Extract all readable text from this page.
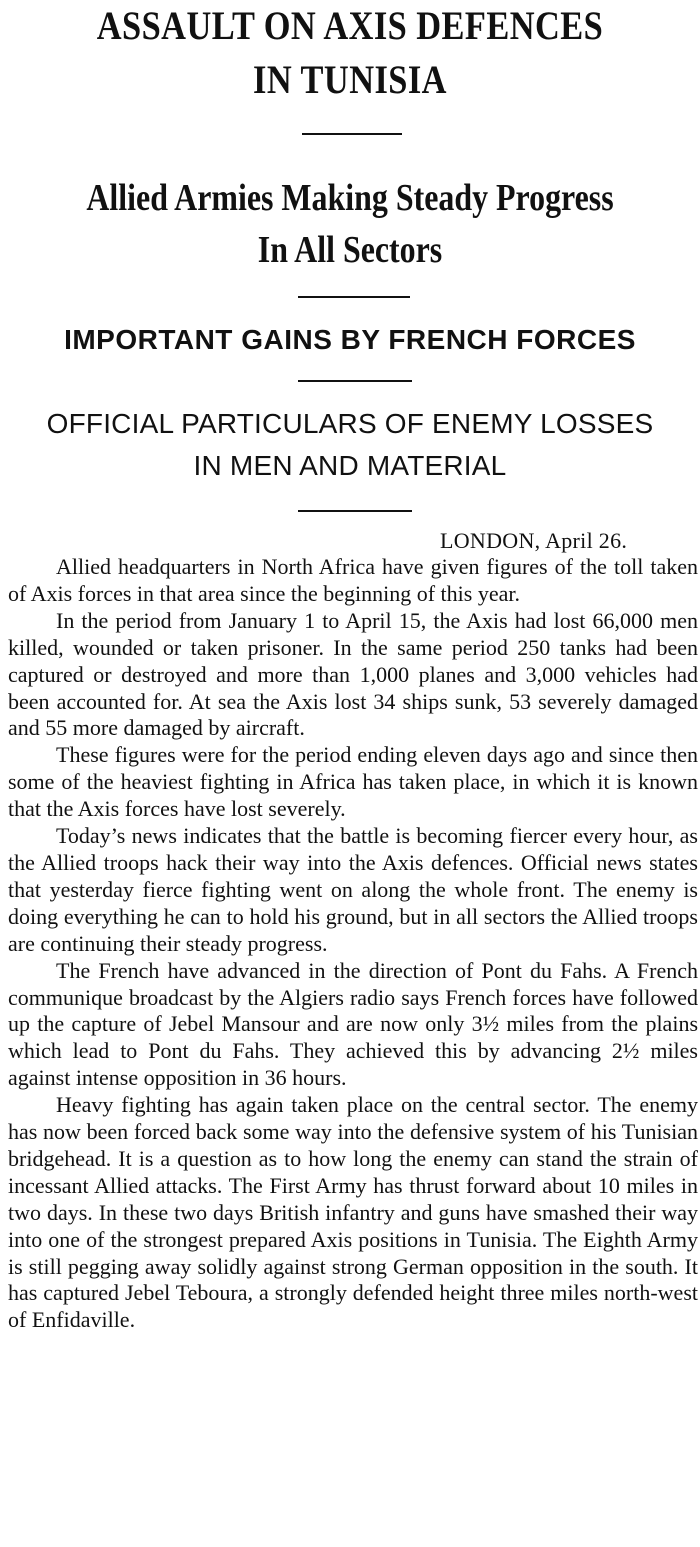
ASSAULT ON AXIS DEFENCES
IN TUNISIA
Allied Armies Making Steady Progress
In All Sectors
IMPORTANT GAINS BY FRENCH FORCES
OFFICIAL PARTICULARS OF ENEMY LOSSES
IN MEN AND MATERIAL
LONDON, April 26.

Allied headquarters in North Africa have given figures of the toll taken of Axis forces in that area since the beginning of this year.

In the period from January 1 to April 15, the Axis had lost 66,000 men killed, wounded or taken prisoner. In the same period 250 tanks had been captured or destroyed and more than 1,000 planes and 3,000 vehicles had been accounted for. At sea the Axis lost 34 ships sunk, 53 severely damaged and 55 more damaged by aircraft.

These figures were for the period ending eleven days ago and since then some of the heaviest fighting in Africa has taken place, in which it is known that the Axis forces have lost severely.

Today’s news indicates that the battle is becoming fiercer every hour, as the Allied troops hack their way into the Axis defences. Official news states that yesterday fierce fighting went on along the whole front. The enemy is doing everything he can to hold his ground, but in all sectors the Allied troops are continuing their steady progress.

The French have advanced in the direction of Pont du Fahs. A French communique broadcast by the Algiers radio says French forces have followed up the capture of Jebel Mansour and are now only 3½ miles from the plains which lead to Pont du Fahs. They achieved this by advancing 2½ miles against intense opposition in 36 hours.

Heavy fighting has again taken place on the central sector. The enemy has now been forced back some way into the defensive system of his Tunisian bridgehead. It is a question as to how long the enemy can stand the strain of incessant Allied attacks. The First Army has thrust forward about 10 miles in two days. In these two days British infantry and guns have smashed their way into one of the strongest prepared Axis positions in Tunisia. The Eighth Army is still pegging away solidly against strong German opposition in the south. It has captured Jebel Teboura, a strongly defended height three miles north-west of Enfidaville.
